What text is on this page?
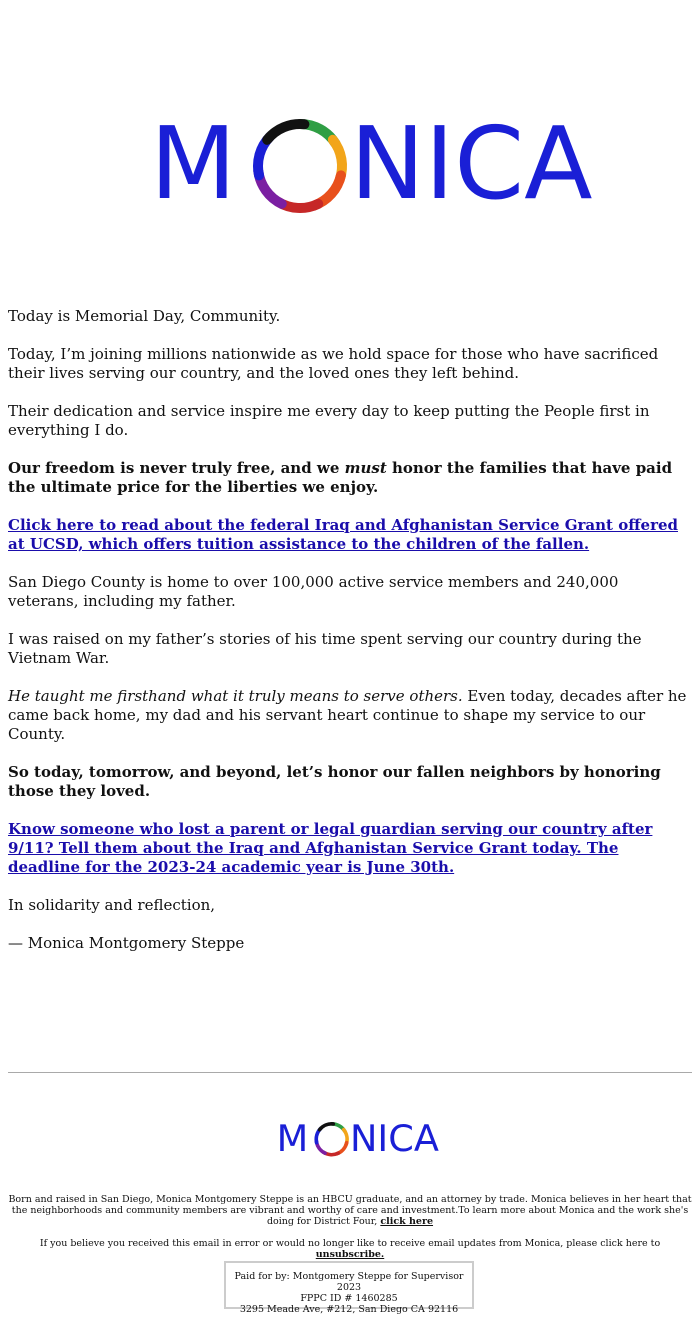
M NICA

Today is Memorial Day, Community.

Today, I’m joining millions nationwide as we hold space for those who have sacrificed their lives serving our country, and the loved ones they left behind.

Their dedication and service inspire me every day to keep putting the People first in everything I do.

Our freedom is never truly free, and we must honor the families that have paid the ultimate price for the liberties we enjoy.

Click here to read about the federal Iraq and Afghanistan Service Grant offered at UCSD, which offers tuition assistance to the children of the fallen.

San Diego County is home to over 100,000 active service members and 240,000 veterans, including my father.

I was raised on my father’s stories of his time spent serving our country during the Vietnam War.

He taught me firsthand what it truly means to serve others. Even today, decades after he came back home, my dad and his servant heart continue to shape my service to our County.

So today, tomorrow, and beyond, let’s honor our fallen neighbors by honoring those they loved.

Know someone who lost a parent or legal guardian serving our country after 9/11? Tell them about the Iraq and Afghanistan Service Grant today. The deadline for the 2023-24 academic year is June 30th.

In solidarity and reflection,

— Monica Montgomery Steppe

M NICA

Born and raised in San Diego, Monica Montgomery Steppe is an HBCU graduate, and an attorney by trade. Monica believes in her heart that the neighborhoods and community members are vibrant and worthy of care and investment.To learn more about Monica and the work she's doing for District Four, click here

If you believe you received this email in error or would no longer like to receive email updates from Monica, please click here to unsubscribe.

Paid for by: Montgomery Steppe for Supervisor 2023
FPPC ID # 1460285
3295 Meade Ave, #212, San Diego CA 92116
